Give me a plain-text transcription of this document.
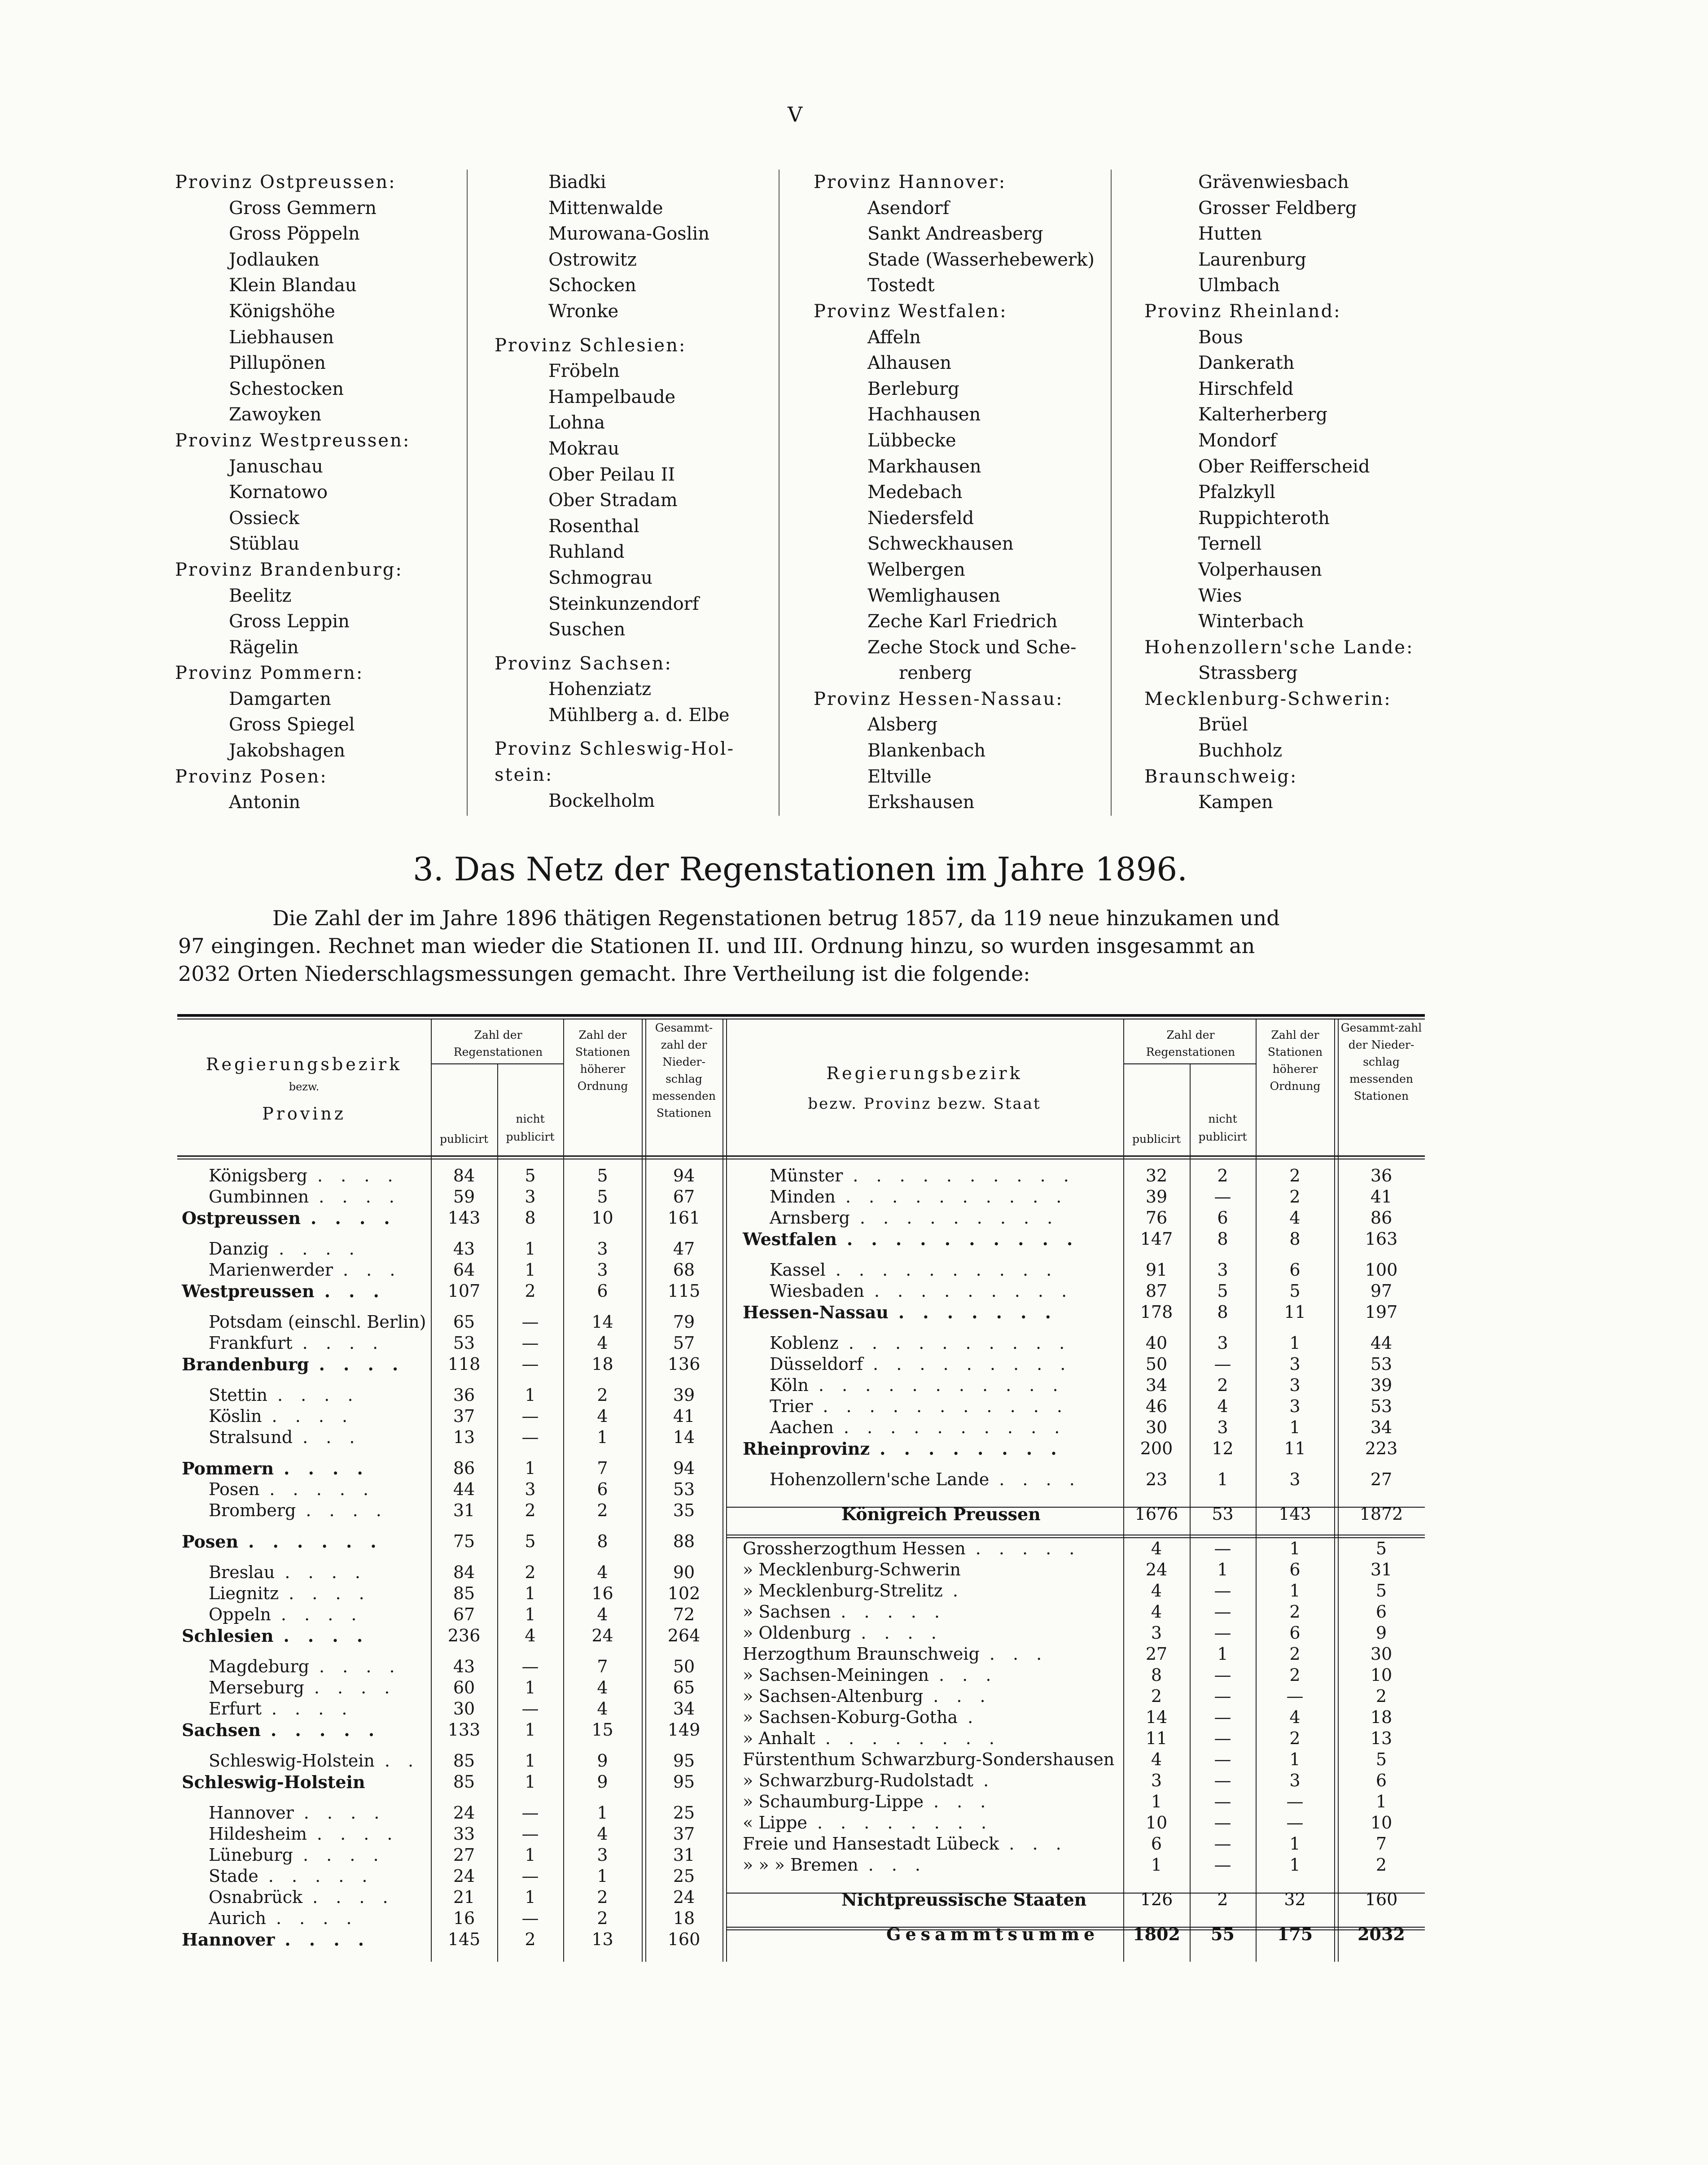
V
Provinz Ostpreussen:
Gross Gemmern
Gross Pöppeln
Jodlauken
Klein Blandau
Königshöhe
Liebhausen
Pillupönen
Schestocken
Zawoyken
Provinz Westpreussen:
Januschau
Kornatowo
Ossieck
Stüblau
Provinz Brandenburg:
Beelitz
Gross Leppin
Rägelin
Provinz Pommern:
Damgarten
Gross Spiegel
Jakobshagen
Provinz Posen:
Antonin
Biadki
Mittenwalde
Murowana-Goslin
Ostrowitz
Schocken
Wronke
Provinz Schlesien:
Fröbeln
Hampelbaude
Lohna
Mokrau
Ober Peilau II
Ober Stradam
Rosenthal
Ruhland
Schmograu
Steinkunzendorf
Suschen
Provinz Sachsen:
Hohenziatz
Mühlberg a. d. Elbe
Provinz Schleswig-Hol-
stein:
Bockelholm
Provinz Hannover:
Asendorf
Sankt Andreasberg
Stade (Wasserhebewerk)
Tostedt
Provinz Westfalen:
Affeln
Alhausen
Berleburg
Hachhausen
Lübbecke
Markhausen
Medebach
Niedersfeld
Schweckhausen
Welbergen
Wemlighausen
Zeche Karl Friedrich
Zeche Stock und Sche-
renberg
Provinz Hessen-Nassau:
Alsberg
Blankenbach
Eltville
Erkshausen
Grävenwiesbach
Grosser Feldberg
Hutten
Laurenburg
Ulmbach
Provinz Rheinland:
Bous
Dankerath
Hirschfeld
Kalterherberg
Mondorf
Ober Reifferscheid
Pfalzkyll
Ruppichteroth
Ternell
Volperhausen
Wies
Winterbach
Hohenzollern'sche Lande:
Strassberg
Mecklenburg-Schwerin:
Brüel
Buchholz
Braunschweig:
Kampen
3. Das Netz der Regenstationen im Jahre 1896.
Die Zahl der im Jahre 1896 thätigen Regenstationen betrug 1857, da 119 neue hinzukamen und
97 eingingen. Rechnet man wieder die Stationen II. und III. Ordnung hinzu, so wurden insgesammt an
2032 Orten Niederschlagsmessungen gemacht. Ihre Vertheilung ist die folgende:
Regierungsbezirk
bezw.
Provinz
Zahl der Regenstationen
publicirt
nicht
publicirt
Zahl der Stationen höherer Ordnung
Gesammt-zahl der Nieder-schlag messenden Stationen
Regierungsbezirk
bezw. Provinz bezw. Staat
Zahl der Regenstationen
publicirt
nicht
publicirt
Zahl der Stationen höherer Ordnung
Gesammt-zahl der Nieder-schlag messenden Stationen
Königsberg . . . .	84	5	5	94
Gumbinnen . . . .	59	3	5	67
Ostpreussen . . . .	143	8	10	161
Danzig . . . .	43	1	3	47
Marienwerder . . .	64	1	3	68
Westpreussen . . .	107	2	6	115
Potsdam (einschl. Berlin)	65	—	14	79
Frankfurt . . . .	53	—	4	57
Brandenburg . . . .	118	—	18	136
Stettin . . . .	36	1	2	39
Köslin . . . .	37	—	4	41
Stralsund . . .	13	—	1	14
Pommern . . . .	86	1	7	94
Posen . . . . .	44	3	6	53
Bromberg . . . .	31	2	2	35
Posen . . . . . .	75	5	8	88
Breslau . . . .	84	2	4	90
Liegnitz . . . .	85	1	16	102
Oppeln . . . .	67	1	4	72
Schlesien . . . .	236	4	24	264
Magdeburg . . . .	43	—	7	50
Merseburg . . . .	60	1	4	65
Erfurt . . . .	30	—	4	34
Sachsen . . . . .	133	1	15	149
Schleswig-Holstein . .	85	1	9	95
Schleswig-Holstein	85	1	9	95
Hannover . . . .	24	—	1	25
Hildesheim . . . .	33	—	4	37
Lüneburg . . . .	27	1	3	31
Stade . . . . .	24	—	1	25
Osnabrück . . . .	21	1	2	24
Aurich . . . .	16	—	2	18
Hannover . . . .	145	2	13	160
Münster . . . . . . . . . .	32	2	2	36
Minden . . . . . . . . . .	39	—	2	41
Arnsberg . . . . . . . . .	76	6	4	86
Westfalen . . . . . . . . . .	147	8	8	163
Kassel . . . . . . . . . .	91	3	6	100
Wiesbaden . . . . . . . . .	87	5	5	97
Hessen-Nassau . . . . . . .	178	8	11	197
Koblenz . . . . . . . . . .	40	3	1	44
Düsseldorf . . . . . . . . .	50	—	3	53
Köln . . . . . . . . . . .	34	2	3	39
Trier . . . . . . . . . . .	46	4	3	53
Aachen . . . . . . . . . .	30	3	1	34
Rheinprovinz . . . . . . . .	200	12	11	223
Hohenzollern'sche Lande . . . .	23	1	3	27
Königreich Preussen	1676	53	143	1872
Grossherzogthum Hessen . . . . .	4	—	1	5
» Mecklenburg-Schwerin	24	1	6	31
» Mecklenburg-Strelitz .	4	—	1	5
» Sachsen . . . . .	4	—	2	6
» Oldenburg . . . .	3	—	6	9
Herzogthum Braunschweig . . .	27	1	2	30
» Sachsen-Meiningen . . .	8	—	2	10
» Sachsen-Altenburg . . .	2	—	—	2
» Sachsen-Koburg-Gotha .	14	—	4	18
» Anhalt . . . . . . . .	11	—	2	13
Fürstenthum Schwarzburg-Sondershausen	4	—	1	5
» Schwarzburg-Rudolstadt .	3	—	3	6
» Schaumburg-Lippe . . .	1	—	—	1
« Lippe . . . . . . . .	10	—	—	10
Freie und Hansestadt Lübeck . . .	6	—	1	7
» » » Bremen . . .	1	—	1	2
Nichtpreussische Staaten	126	2	32	160
Gesammtsumme	1802	55	175	2032
